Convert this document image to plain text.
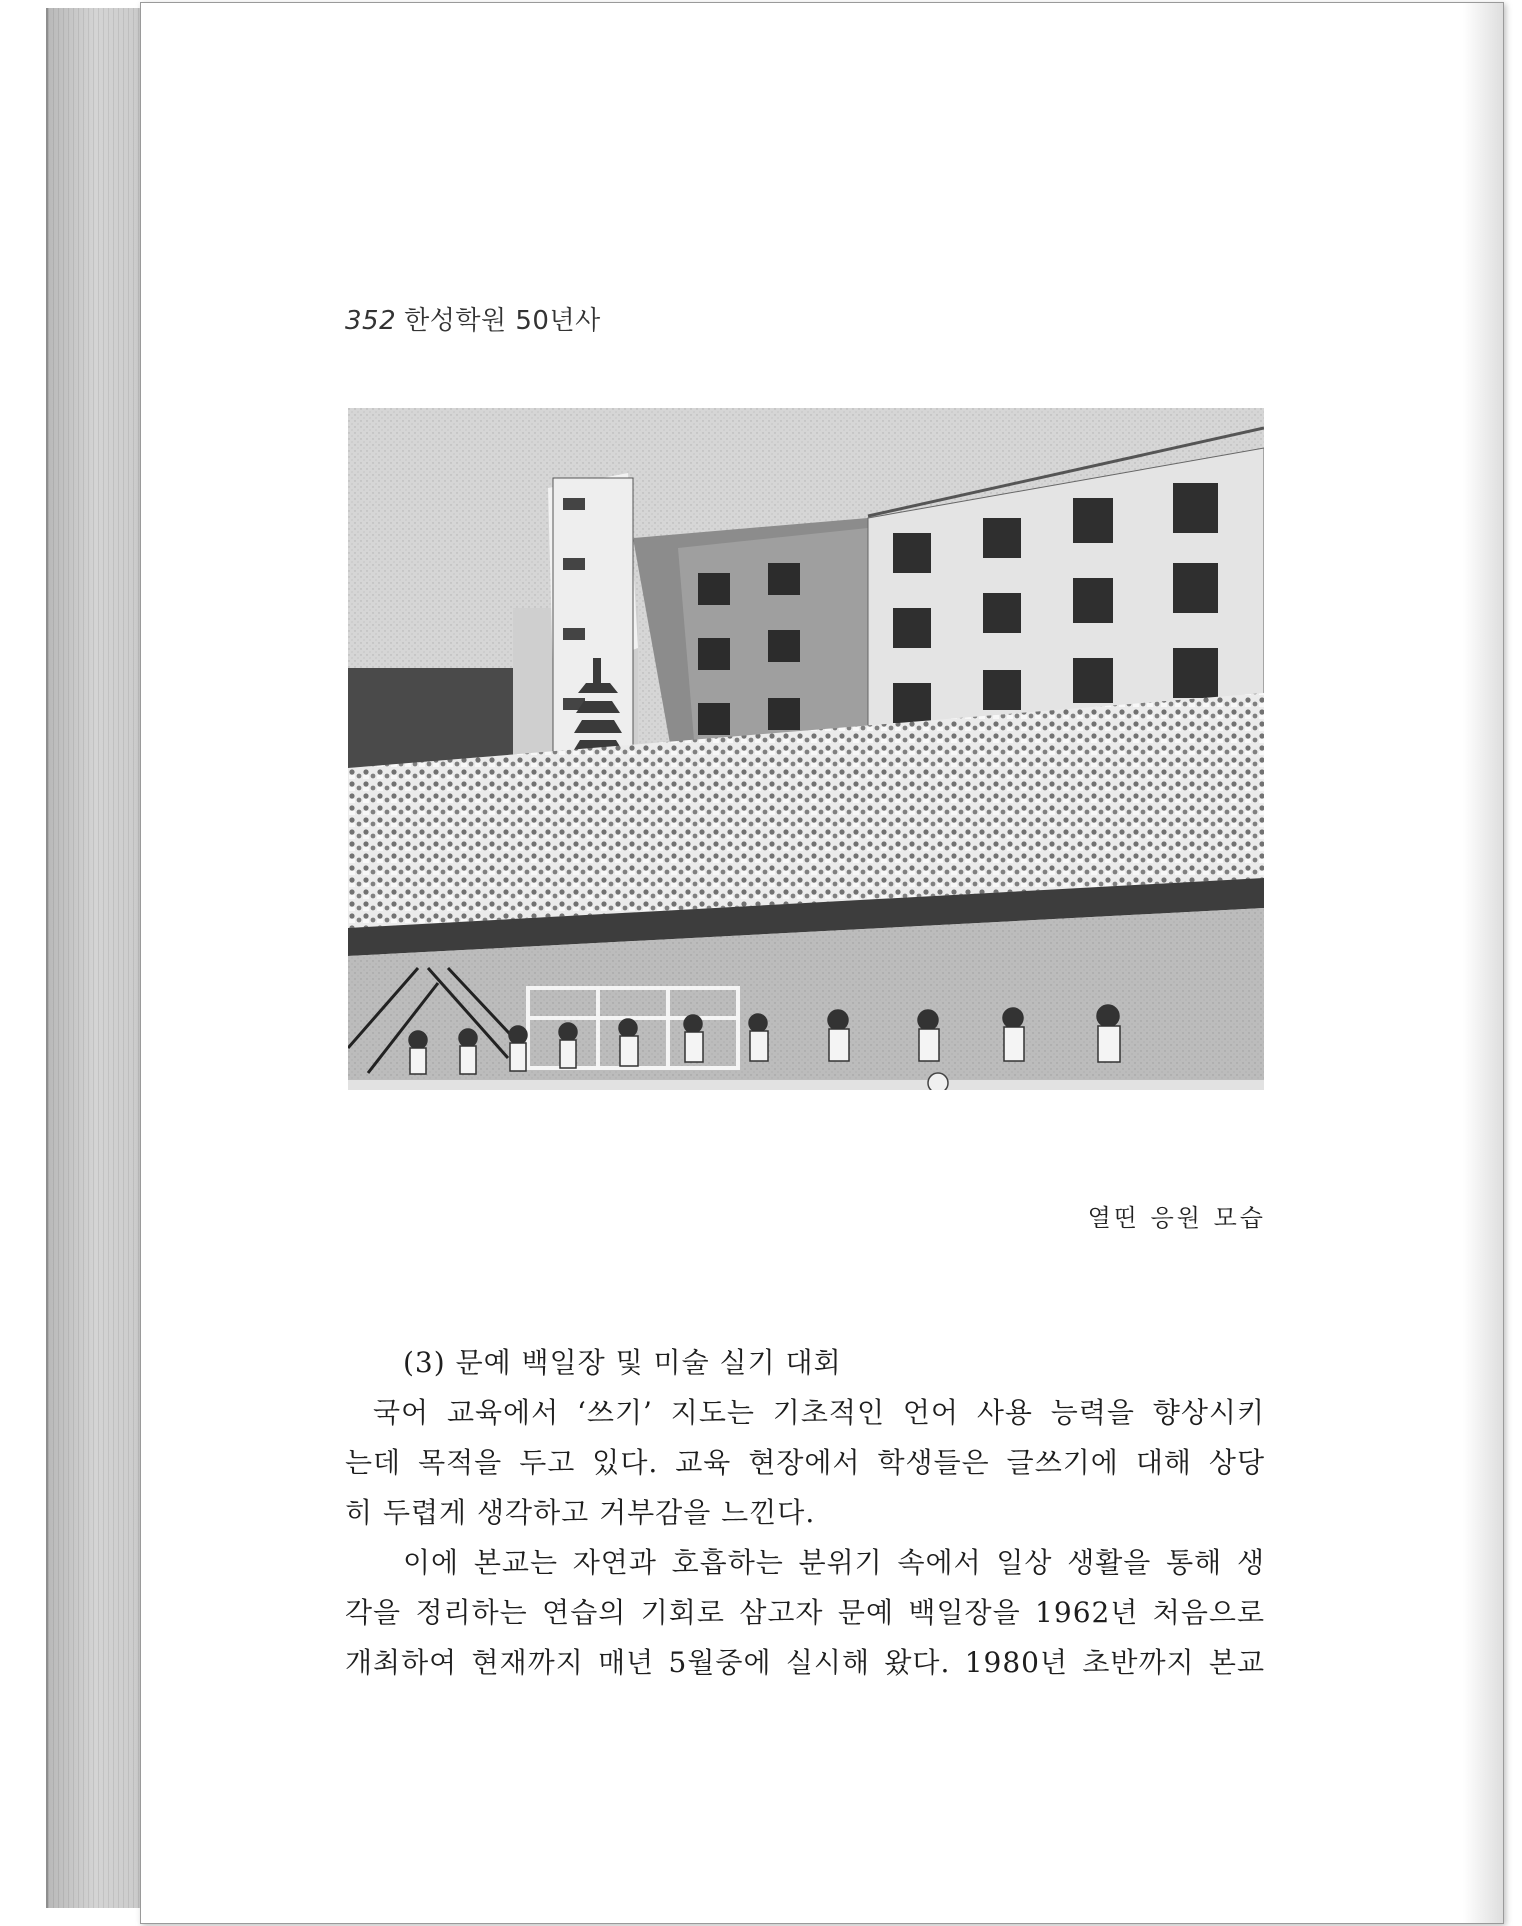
352 한성학원 50년사
열띤 응원 모습
(3) 문예 백일장 및 미술 실기 대회
국어 교육에서 ‘쓰기’ 지도는 기초적인 언어 사용 능력을 향상시키
는데 목적을 두고 있다. 교육 현장에서 학생들은 글쓰기에 대해 상당
히 두렵게 생각하고 거부감을 느낀다.
이에 본교는 자연과 호흡하는 분위기 속에서 일상 생활을 통해 생
각을 정리하는 연습의 기회로 삼고자 문예 백일장을 1962년 처음으로
개최하여 현재까지 매년 5월중에 실시해 왔다. 1980년 초반까지 본교
